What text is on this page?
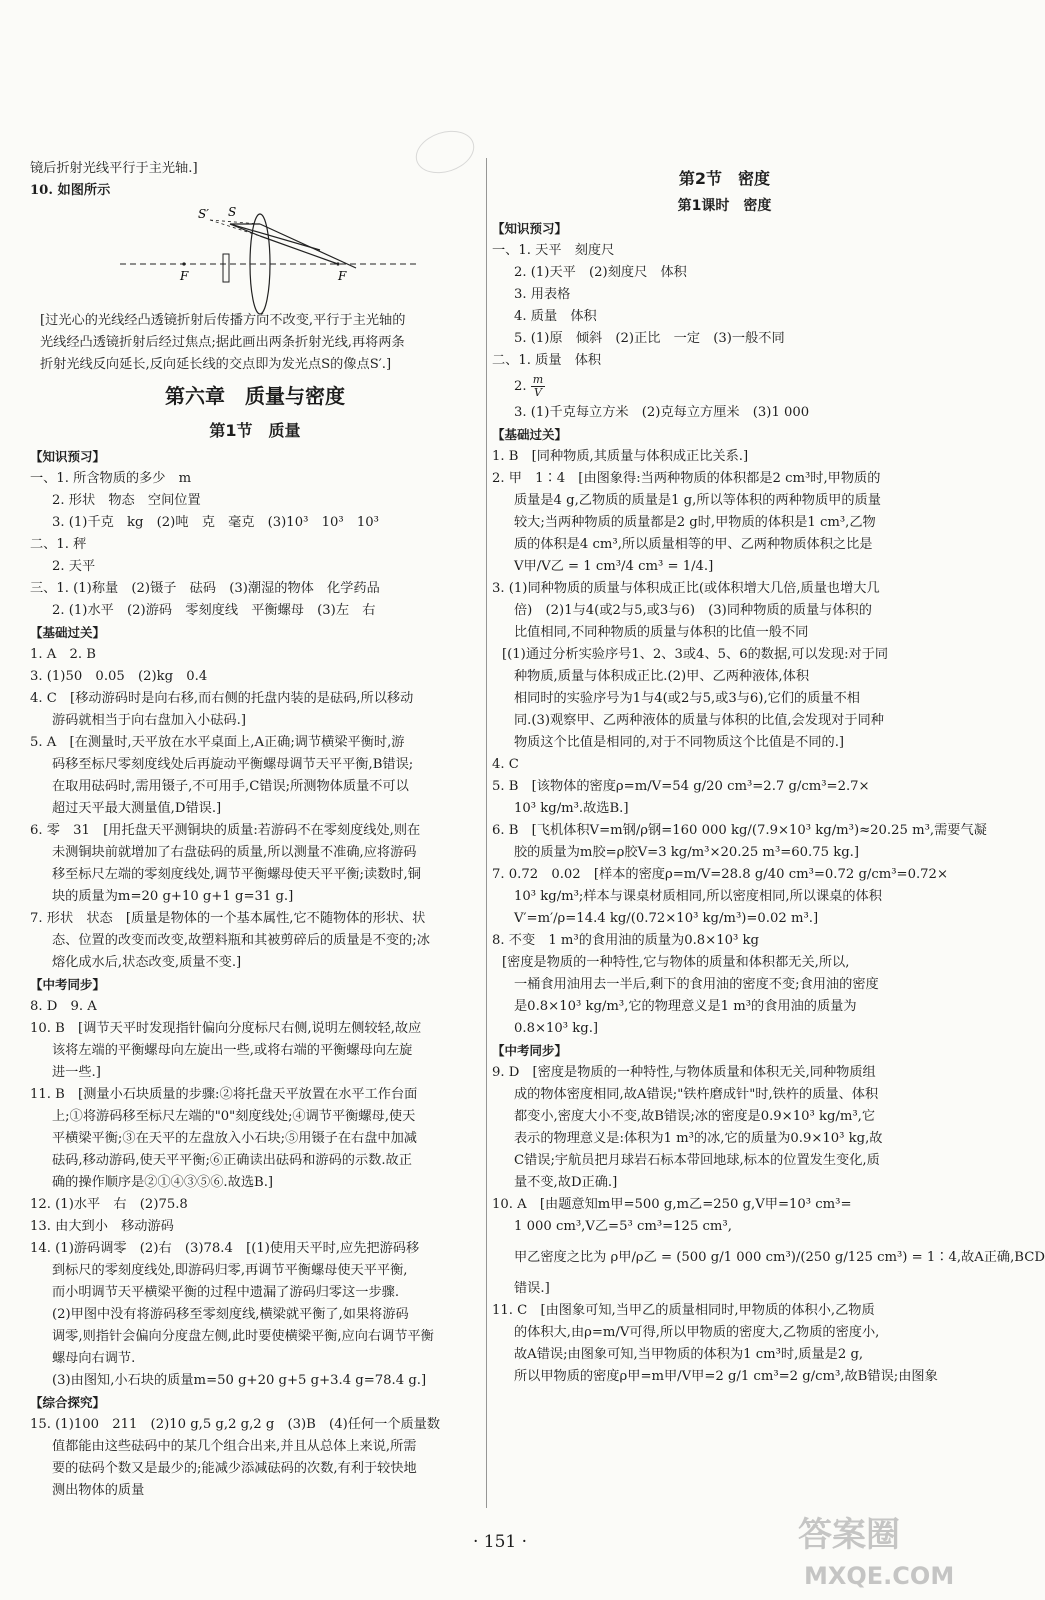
镜后折射光线平行于主光轴.]
10. 如图所示
S′ S
F	F
[过光心的光线经凸透镜折射后传播方向不改变,平行于主光轴的
光线经凸透镜折射后经过焦点;据此画出两条折射光线,再将两条
折射光线反向延长,反向延长线的交点即为发光点S的像点S′.]
第六章　质量与密度
第1节　质量
【知识预习】
一、1. 所含物质的多少　m
2. 形状　物态　空间位置
3. (1)千克　kg　(2)吨　克　毫克　(3)10³　10³　10³
二、1. 秤
2. 天平
三、1. (1)称量　(2)镊子　砝码　(3)潮湿的物体　化学药品
2. (1)水平　(2)游码　零刻度线　平衡螺母　(3)左　右
【基础过关】
1. A　2. B
3. (1)50　0.05　(2)kg　0.4
4. C　[移动游码时是向右移,而右侧的托盘内装的是砝码,所以移动
游码就相当于向右盘加入小砝码.]
5. A　[在测量时,天平放在水平桌面上,A正确;调节横梁平衡时,游
码移至标尺零刻度线处后再旋动平衡螺母调节天平平衡,B错误;
在取用砝码时,需用镊子,不可用手,C错误;所测物体质量不可以
超过天平最大测量值,D错误.]
6. 零　31　[用托盘天平测铜块的质量:若游码不在零刻度线处,则在
未测铜块前就增加了右盘砝码的质量,所以测量不准确,应将游码
移至标尺左端的零刻度线处,调节平衡螺母使天平平衡;读数时,铜
块的质量为m=20 g+10 g+1 g=31 g.]
7. 形状　状态　[质量是物体的一个基本属性,它不随物体的形状、状
态、位置的改变而改变,故塑料瓶和其被剪碎后的质量是不变的;冰
熔化成水后,状态改变,质量不变.]
【中考同步】
8. D　9. A
10. B　[调节天平时发现指针偏向分度标尺右侧,说明左侧较轻,故应
该将左端的平衡螺母向左旋出一些,或将右端的平衡螺母向左旋
进一些.]
11. B　[测量小石块质量的步骤:②将托盘天平放置在水平工作台面
上;①将游码移至标尺左端的"0"刻度线处;④调节平衡螺母,使天
平横梁平衡;③在天平的左盘放入小石块;⑤用镊子在右盘中加减
砝码,移动游码,使天平平衡;⑥正确读出砝码和游码的示数.故正
确的操作顺序是②①④③⑤⑥.故选B.]
12. (1)水平　右　(2)75.8
13. 由大到小　移动游码
14. (1)游码调零　(2)右　(3)78.4　[(1)使用天平时,应先把游码移
到标尺的零刻度线处,即游码归零,再调节平衡螺母使天平平衡,
而小明调节天平横梁平衡的过程中遗漏了游码归零这一步骤.
(2)甲图中没有将游码移至零刻度线,横梁就平衡了,如果将游码
调零,则指针会偏向分度盘左侧,此时要使横梁平衡,应向右调节平衡
螺母向右调节.
(3)由图知,小石块的质量m=50 g+20 g+5 g+3.4 g=78.4 g.]
【综合探究】
15. (1)100　211　(2)10 g,5 g,2 g,2 g　(3)B　(4)任何一个质量数
值都能由这些砝码中的某几个组合出来,并且从总体上来说,所需
要的砝码个数又是最少的;能减少添减砝码的次数,有利于较快地
测出物体的质量
第2节　密度
第1课时　密度
【知识预习】
一、1. 天平　刻度尺
2. (1)天平　(2)刻度尺　体积
3. 用表格
4. 质量　体积
5. (1)原　倾斜　(2)正比　一定　(3)一般不同
二、1. 质量　体积
2. $\frac{m}{V}$
3. (1)千克每立方米　(2)克每立方厘米　(3)1 000
【基础过关】
1. B　[同种物质,其质量与体积成正比关系.]
2. 甲　1∶4　[由图象得:当两种物质的体积都是2 cm³时,甲物质的
质量是4 g,乙物质的质量是1 g,所以等体积的两种物质甲的质量
较大;当两种物质的质量都是2 g时,甲物质的体积是1 cm³,乙物
质的体积是4 cm³,所以质量相等的甲、乙两种物质体积之比是
V甲/V乙 = 1 cm³/4 cm³ = 1/4.]
3. (1)同种物质的质量与体积成正比(或体积增大几倍,质量也增大几
倍)　(2)1与4(或2与5,或3与6)　(3)同种物质的质量与体积的
比值相同,不同种物质的质量与体积的比值一般不同
[(1)通过分析实验序号1、2、3或4、5、6的数据,可以发现:对于同
种物质,质量与体积成正比.(2)甲、乙两种液体,体积
相同时的实验序号为1与4(或2与5,或3与6),它们的质量不相
同.(3)观察甲、乙两种液体的质量与体积的比值,会发现对于同种
物质这个比值是相同的,对于不同物质这个比值是不同的.]
4. C
5. B　[该物体的密度ρ=m/V=54 g/20 cm³=2.7 g/cm³=2.7×
10³ kg/m³.故选B.]
6. B　[飞机体积V=m钢/ρ钢=160 000 kg/(7.9×10³ kg/m³)≈20.25 m³,需要气凝
胶的质量为m胶=ρ胶V=3 kg/m³×20.25 m³=60.75 kg.]
7. 0.72　0.02　[样本的密度ρ=m/V=28.8 g/40 cm³=0.72 g/cm³=0.72×
10³ kg/m³;样本与课桌材质相同,所以密度相同,所以课桌的体积
V′=m′/ρ=14.4 kg/(0.72×10³ kg/m³)=0.02 m³.]
8. 不变　1 m³的食用油的质量为0.8×10³ kg
[密度是物质的一种特性,它与物体的质量和体积都无关,所以,
一桶食用油用去一半后,剩下的食用油的密度不变;食用油的密度
是0.8×10³ kg/m³,它的物理意义是1 m³的食用油的质量为
0.8×10³ kg.]
【中考同步】
9. D　[密度是物质的一种特性,与物体质量和体积无关,同种物质组
成的物体密度相同,故A错误;"铁杵磨成针"时,铁杵的质量、体积
都变小,密度大小不变,故B错误;冰的密度是0.9×10³ kg/m³,它
表示的物理意义是:体积为1 m³的冰,它的质量为0.9×10³ kg,故
C错误;宇航员把月球岩石标本带回地球,标本的位置发生变化,质
量不变,故D正确.]
10. A　[由题意知m甲=500 g,m乙=250 g,V甲=10³ cm³=
1 000 cm³,V乙=5³ cm³=125 cm³,
甲乙密度之比为 ρ甲/ρ乙 = (500 g/1 000 cm³)/(250 g/125 cm³) = 1∶4,故A正确,BCD
错误.]
11. C　[由图象可知,当甲乙的质量相同时,甲物质的体积小,乙物质
的体积大,由ρ=m/V可得,所以甲物质的密度大,乙物质的密度小,
故A错误;由图象可知,当甲物质的体积为1 cm³时,质量是2 g,
所以甲物质的密度ρ甲=m甲/V甲=2 g/1 cm³=2 g/cm³,故B错误;由图象
· 151 ·	答案圈
MXQE.COM
